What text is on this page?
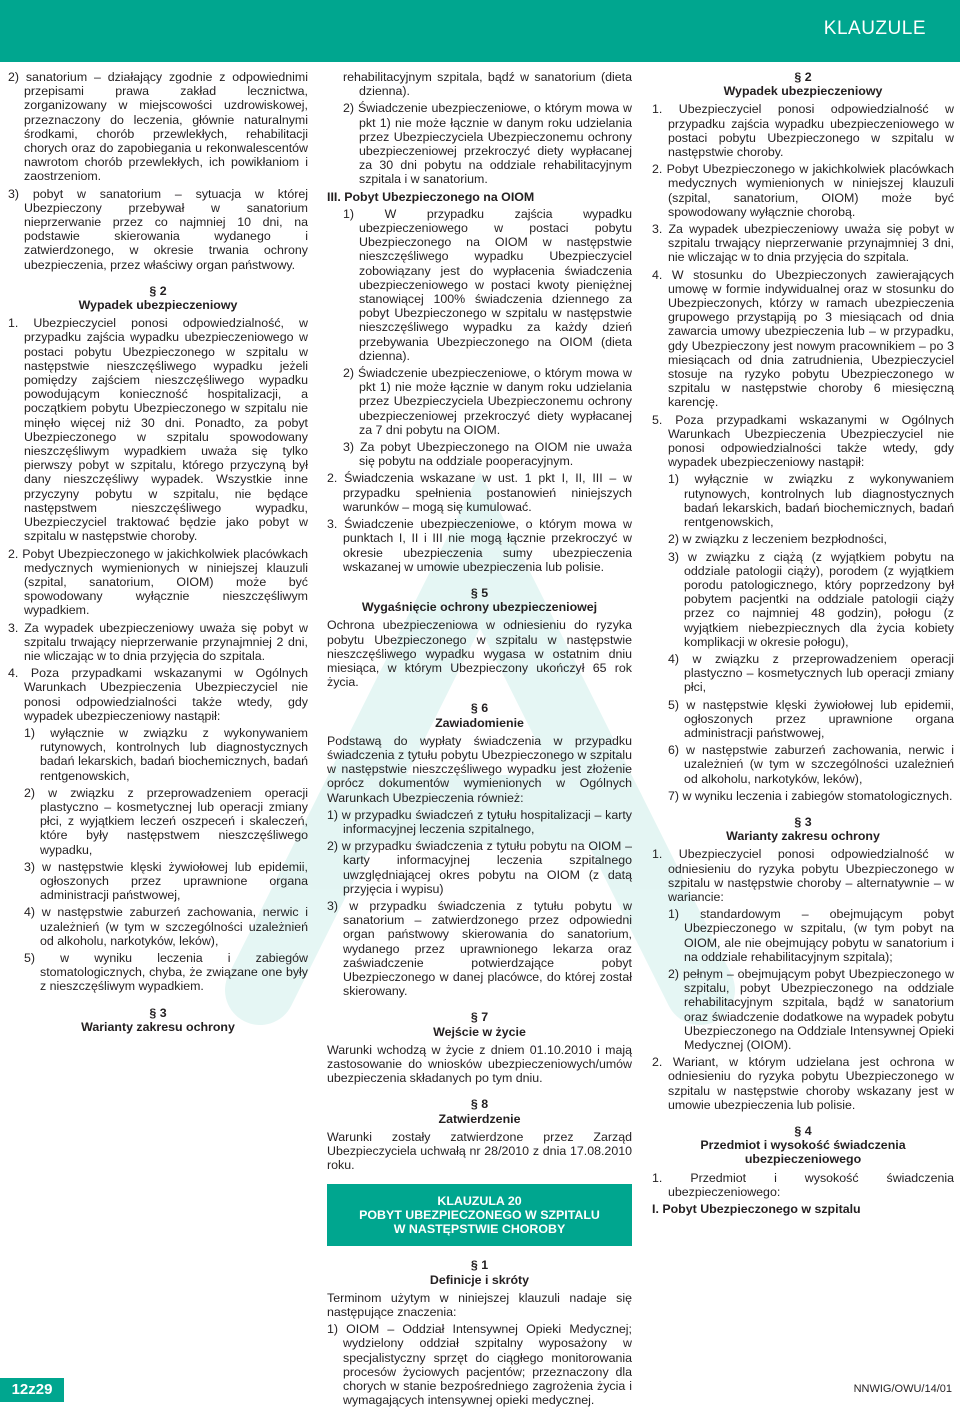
KLAUZULE

2) sanatorium – działający zgodnie z odpowiednimi przepisami prawa zakład lecznictwa, zorganizowany w miejscowości uzdrowiskowej, przeznaczony do leczenia, głównie naturalnymi środkami, chorób przewlekłych, rehabilitacji chorych oraz do zapobiegania u rekonwalescentów nawrotom chorób przewlekłych, ich powikłaniom i zaostrzeniom.

3) pobyt w sanatorium – sytuacja w której Ubezpieczony przebywał w sanatorium nieprzerwanie przez co najmniej 10 dni, na podstawie skierowania wydanego i zatwierdzonego, w okresie trwania ochrony ubezpieczenia, przez właściwy organ państwowy.

§ 2
Wypadek ubezpieczeniowy

1. Ubezpieczyciel ponosi odpowiedzialność, w przypadku zajścia wypadku ubezpieczeniowego w postaci pobytu Ubezpieczonego w szpitalu w następstwie nieszczęśliwego wypadku jeżeli pomiędzy zajściem nieszczęśliwego wypadku powodującym konieczność hospitalizacji, a początkiem pobytu Ubezpieczonego w szpitalu nie minęło więcej niż 30 dni. Ponadto, za pobyt Ubezpieczonego w szpitalu spowodowany nieszczęśliwym wypadkiem uważa się tylko pierwszy pobyt w szpitalu, którego przyczyną był dany nieszczęśliwy wypadek. Wszystkie inne przyczyny pobytu w szpitalu, nie będące następstwem nieszczęśliwego wypadku, Ubezpieczyciel traktować będzie jako pobyt w szpitalu w następstwie choroby.

2. Pobyt Ubezpieczonego w jakichkolwiek placówkach medycznych wymienionych w niniejszej klauzuli (szpital, sanatorium, OIOM) może być spowodowany wyłącznie nieszczęśliwym wypadkiem.

3. Za wypadek ubezpieczeniowy uważa się pobyt w szpitalu trwający nieprzerwanie przynajmniej 2 dni, nie wliczając w to dnia przyjęcia do szpitala.

4. Poza przypadkami wskazanymi w Ogólnych Warunkach Ubezpieczenia Ubezpieczyciel nie ponosi odpowiedzialności także wtedy, gdy wypadek ubezpieczeniowy nastąpił:

1) wyłącznie w związku z wykonywaniem rutynowych, kontrolnych lub diagnostycznych badań lekarskich, badań biochemicznych, badań rentgenowskich,

2) w związku z przeprowadzeniem operacji plastyczno – kosmetycznej lub operacji zmiany płci, z wyjątkiem leczeń oszpeceń i skaleczeń, które były następstwem nieszczęśliwego wypadku,

3) w następstwie klęski żywiołowej lub epidemii, ogłoszonych przez uprawnione organa administracji państwowej,

4) w następstwie zaburzeń zachowania, nerwic i uzależnień (w tym w szczególności uzależnień od alkoholu, narkotyków, leków),

5) w wyniku leczenia i zabiegów stomatologicznych, chyba, że związane one były z nieszczęśliwym wypadkiem.

§ 3
Warianty zakresu ochrony

rehabilitacyjnym szpitala, bądź w sanatorium (dieta dzienna).

2) Świadczenie ubezpieczeniowe, o którym mowa w pkt 1) nie może łącznie w danym roku udzielania przez Ubezpieczyciela Ubezpieczonemu ochrony ubezpieczeniowej przekroczyć diety wypłacanej za 30 dni pobytu na oddziale rehabilitacyjnym szpitala i w sanatorium.

III. Pobyt Ubezpieczonego na OIOM

1) W przypadku zajścia wypadku ubezpieczeniowego w postaci pobytu Ubezpieczonego na OIOM w następstwie nieszczęśliwego wypadku Ubezpieczyciel zobowiązany jest do wypłacenia świadczenia ubezpieczeniowego w postaci kwoty pieniężnej stanowiącej 100% świadczenia dziennego za pobyt Ubezpieczonego w szpitalu w następstwie nieszczęśliwego wypadku za każdy dzień przebywania Ubezpieczonego na OIOM (dieta dzienna).

2) Świadczenie ubezpieczeniowe, o którym mowa w pkt 1) nie może łącznie w danym roku udzielania przez Ubezpieczyciela Ubezpieczonemu ochrony ubezpieczeniowej przekroczyć diety wypłacanej za 7 dni pobytu na OIOM.

3) Za pobyt Ubezpieczonego na OIOM nie uważa się pobytu na oddziale pooperacyjnym.

2. Świadczenia wskazane w ust. 1 pkt I, II, III – w przypadku spełnienia postanowień niniejszych warunków – mogą się kumulować.

3. Świadczenie ubezpieczeniowe, o którym mowa w punktach I, II i III nie mogą łącznie przekroczyć w okresie ubezpieczenia sumy ubezpieczenia wskazanej w umowie ubezpieczenia lub polisie.

§ 5
Wygaśnięcie ochrony ubezpieczeniowej

Ochrona ubezpieczeniowa w odniesieniu do ryzyka pobytu Ubezpieczonego w szpitalu w następstwie nieszczęśliwego wypadku wygasa w ostatnim dniu miesiąca, w którym Ubezpieczony ukończył 65 rok życia.

§ 6
Zawiadomienie

Podstawą do wypłaty świadczenia w przypadku świadczenia z tytułu pobytu Ubezpieczonego w szpitalu w następstwie nieszczęśliwego wypadku jest złożenie oprócz dokumentów wymienionych w Ogólnych Warunkach Ubezpieczenia również:

1) w przypadku świadczeń z tytułu hospitalizacji – karty informacyjnej leczenia szpitalnego,

2) w przypadku świadczenia z tytułu pobytu na OIOM – karty informacyjnej leczenia szpitalnego uwzględniającej okres pobytu na OIOM (z datą przyjęcia i wypisu)

3) w przypadku świadczenia z tytułu pobytu w sanatorium – zatwierdzonego przez odpowiedni organ państwowy skierowania do sanatorium, wydanego przez uprawnionego lekarza oraz zaświadczenie potwierdzające pobyt Ubezpieczonego w danej placówce, do której został skierowany.

§ 7
Wejście w życie

Warunki wchodzą w życie z dniem 01.10.2010 i mają zastosowanie do wniosków ubezpieczeniowych/umów ubezpieczenia składanych po tym dniu.

§ 8
Zatwierdzenie

Warunki zostały zatwierdzone przez Zarząd Ubezpieczyciela uchwałą nr 28/2010 z dnia 17.08.2010 roku.

KLAUZULA 20
POBYT UBEZPIECZONEGO W SZPITALU
W NASTĘPSTWIE CHOROBY
§ 1
Definicje i skróty

Terminom użytym w niniejszej klauzuli nadaje się następujące znaczenia:

1) OIOM – Oddział Intensywnej Opieki Medycznej; wydzielony oddział szpitalny wyposażony w specjalistyczny sprzęt do ciągłego monitorowania procesów życiowych pacjentów; przeznaczony dla chorych w stanie bezpośredniego zagrożenia życia i wymagających intensywnej opieki medycznej.

§ 2
Wypadek ubezpieczeniowy

1. Ubezpieczyciel ponosi odpowiedzialność w przypadku zajścia wypadku ubezpieczeniowego w postaci pobytu Ubezpieczonego w szpitalu w następstwie choroby.

2. Pobyt Ubezpieczonego w jakichkolwiek placówkach medycznych wymienionych w niniejszej klauzuli (szpital, sanatorium, OIOM) może być spowodowany wyłącznie chorobą.

3. Za wypadek ubezpieczeniowy uważa się pobyt w szpitalu trwający nieprzerwanie przynajmniej 3 dni, nie wliczając w to dnia przyjęcia do szpitala.

4. W stosunku do Ubezpieczonych zawierających umowę w formie indywidualnej oraz w stosunku do Ubezpieczonych, którzy w ramach ubezpieczenia grupowego przystąpiją po 3 miesiącach od dnia zawarcia umowy ubezpieczenia lub – w przypadku, gdy Ubezpieczony jest nowym pracownikiem – po 3 miesiącach od dnia zatrudnienia, Ubezpieczyciel stosuje na ryzyko pobytu Ubezpieczonego w szpitalu w następstwie choroby 6 miesięczną karencję.

5. Poza przypadkami wskazanymi w Ogólnych Warunkach Ubezpieczenia Ubezpieczyciel nie ponosi odpowiedzialności także wtedy, gdy wypadek ubezpieczeniowy nastąpił:

1) wyłącznie w związku z wykonywaniem rutynowych, kontrolnych lub diagnostycznych badań lekarskich, badań biochemicznych, badań rentgenowskich,

2) w związku z leczeniem bezpłodności,

3) w związku z ciążą (z wyjątkiem pobytu na oddziale patologii ciąży), porodem (z wyjątkiem porodu patologicznego, który poprzedzony był pobytem pacjentki na oddziale patologii ciąży przez co najmniej 48 godzin), połogu (z wyjątkiem niebezpiecznych dla życia kobiety komplikacji w okresie połogu),

4) w związku z przeprowadzeniem operacji plastyczno – kosmetycznych lub operacji zmiany płci,

5) w następstwie klęski żywiołowej lub epidemii, ogłoszonych przez uprawnione organa administracji państwowej,

6) w następstwie zaburzeń zachowania, nerwic i uzależnień (w tym w szczególności uzależnień od alkoholu, narkotyków, leków),

7) w wyniku leczenia i zabiegów stomatologicznych.

§ 3
Warianty zakresu ochrony

1. Ubezpieczyciel ponosi odpowiedzialność w odniesieniu do ryzyka pobytu Ubezpieczonego w szpitalu w następstwie choroby – alternatywnie – w wariancie:

1) standardowym – obejmującym pobyt Ubezpieczonego w szpitalu, (w tym pobyt na OIOM, ale nie obejmujący pobytu w sanatorium i na oddziale rehabilitacyjnym szpitala);

2) pełnym – obejmującym pobyt Ubezpieczonego w szpitalu, pobyt Ubezpieczonego na oddziale rehabilitacyjnym szpitala, bądź w sanatorium oraz świadczenie dodatkowe na wypadek pobytu Ubezpieczonego na Oddziale Intensywnej Opieki Medycznej (OIOM).

2. Wariant, w którym udzielana jest ochrona w odniesieniu do ryzyka pobytu Ubezpieczonego w szpitalu w następstwie choroby wskazany jest w umowie ubezpieczenia lub polisie.

§ 4
Przedmiot i wysokość świadczenia ubezpieczeniowego

1. Przedmiot i wysokość świadczenia ubezpieczeniowego:

I. Pobyt Ubezpieczonego w szpitalu

12z29	NNWIG/OWU/14/01
